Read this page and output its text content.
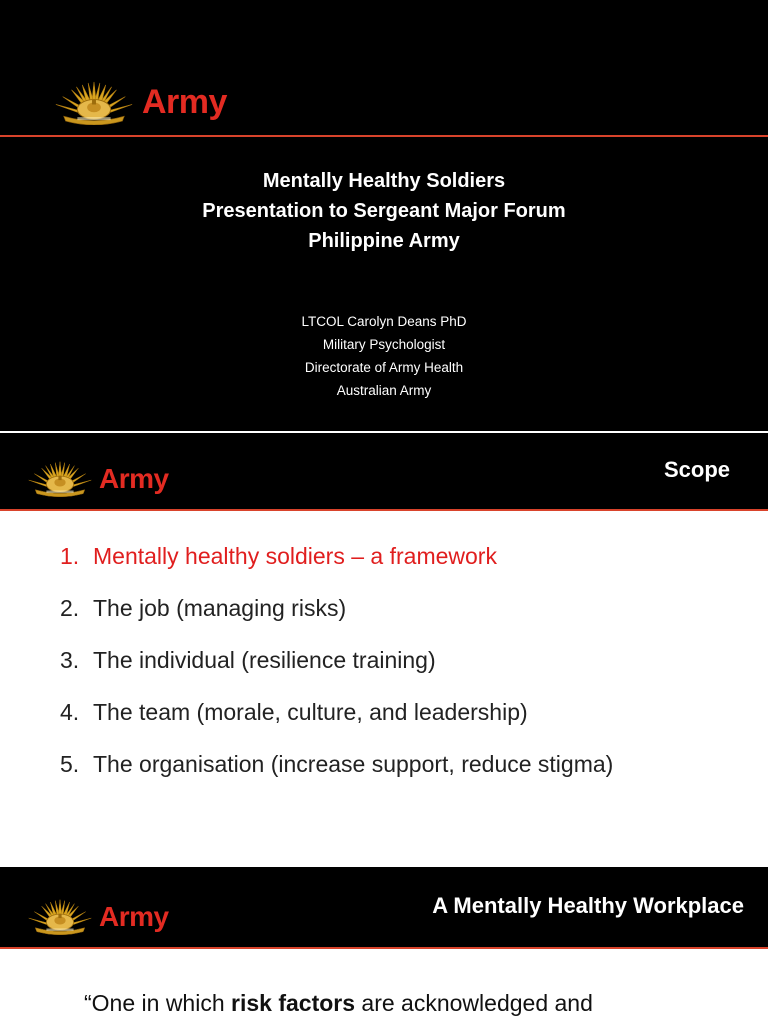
Army
Mentally Healthy Soldiers
Presentation to Sergeant Major Forum
Philippine Army
LTCOL Carolyn Deans PhD
Military Psychologist
Directorate of Army Health
Australian Army
Army	Scope
1. Mentally healthy soldiers – a framework
2. The job (managing risks)
3. The individual (resilience training)
4. The team (morale, culture, and leadership)
5. The organisation (increase support, reduce stigma)
Army	A Mentally Healthy Workplace
“One in which risk factors are acknowledged and
